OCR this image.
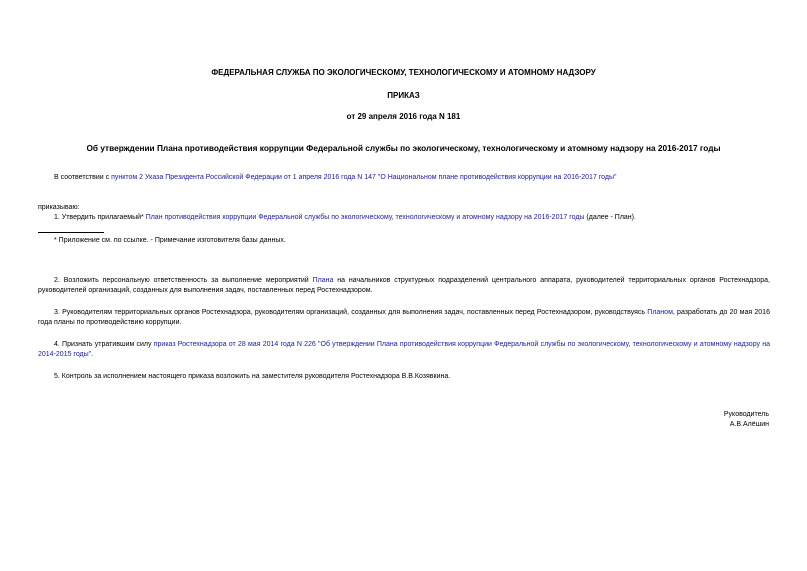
ФЕДЕРАЛЬНАЯ СЛУЖБА ПО ЭКОЛОГИЧЕСКОМУ, ТЕХНОЛОГИЧЕСКОМУ И АТОМНОМУ НАДЗОРУ
ПРИКАЗ
от 29 апреля 2016 года N 181
Об утверждении Плана противодействия коррупции Федеральной службы по экологическому, технологическому и атомному надзору на 2016-2017 годы
В соответствии с пунктом 2 Указа Президента Российской Федерации от 1 апреля 2016 года N 147 "О Национальном плане противодействия коррупции на 2016-2017 годы"
приказываю:
1. Утвердить прилагаемый* План противодействия коррупции Федеральной службы по экологическому, технологическому и атомному надзору на 2016-2017 годы (далее - План).
* Приложение см. по ссылке. - Примечание изготовителя базы данных.
2. Возложить персональную ответственность за выполнение мероприятий Плана на начальников структурных подразделений центрального аппарата, руководителей территориальных органов Ростехнадзора, руководителей организаций, созданных для выполнения задач, поставленных перед Ростехнадзором.
3. Руководителям территориальных органов Ростехнадзора, руководителям организаций, созданных для выполнения задач, поставленных перед Ростехнадзором, руководствуясь Планом, разработать до 20 мая 2016 года планы по противодействию коррупции.
4. Признать утратившим силу приказ Ростехнадзора от 28 мая 2014 года N 226 "Об утверждении Плана противодействия коррупции Федеральной службы по экологическому, технологическому и атомному надзору на 2014-2015 годы".
5. Контроль за исполнением настоящего приказа возложить на заместителя руководителя Ростехнадзора В.В.Козявкина.
Руководитель
А.В.Алёшин
